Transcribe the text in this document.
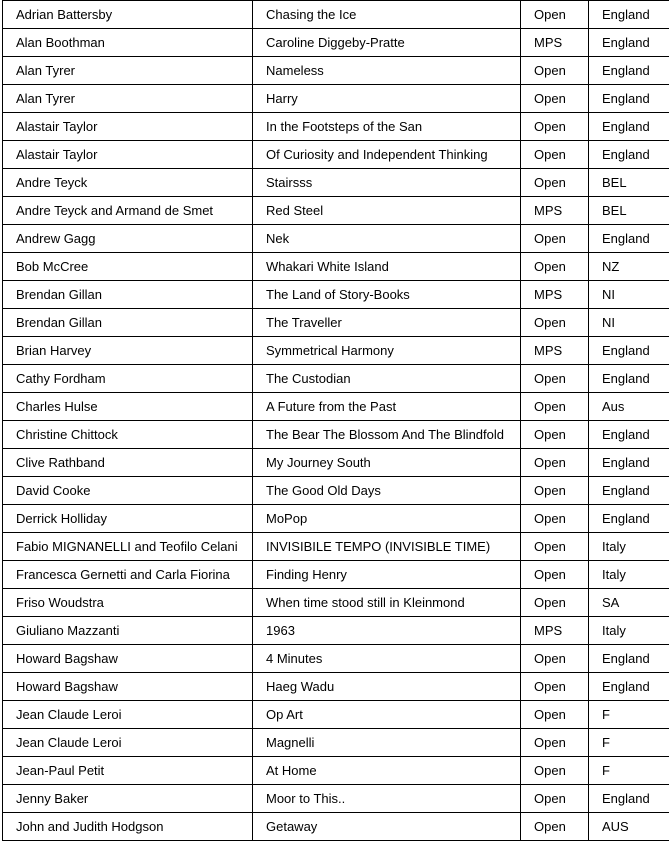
Adrian Battersby	Chasing the Ice	Open	England
Alan Boothman	Caroline Diggeby-Pratte	MPS	England
Alan Tyrer	Nameless	Open	England
Alan Tyrer	Harry	Open	England
Alastair Taylor	In the Footsteps of the San	Open	England
Alastair Taylor	Of Curiosity and Independent Thinking	Open	England
Andre Teyck	Stairsss	Open	BEL
Andre Teyck and Armand de Smet	Red Steel	MPS	BEL
Andrew Gagg	Nek	Open	England
Bob McCree	Whakari White Island	Open	NZ
Brendan Gillan	The Land of Story-Books	MPS	NI
Brendan Gillan	The Traveller	Open	NI
Brian Harvey	Symmetrical Harmony	MPS	England
Cathy Fordham	The Custodian	Open	England
Charles Hulse	A Future from the Past	Open	Aus
Christine Chittock	The Bear The Blossom And The Blindfold	Open	England
Clive Rathband	My Journey South	Open	England
David Cooke	The Good Old Days	Open	England
Derrick Holliday	MoPop	Open	England
Fabio MIGNANELLI and Teofilo Celani	INVISIBILE TEMPO (INVISIBLE TIME)	Open	Italy
Francesca Gernetti and Carla Fiorina	Finding Henry	Open	Italy
Friso Woudstra	When time stood still in Kleinmond	Open	SA
Giuliano Mazzanti	1963	MPS	Italy
Howard Bagshaw	4 Minutes	Open	England
Howard Bagshaw	Haeg Wadu	Open	England
Jean Claude Leroi	Op Art	Open	F
Jean Claude Leroi	Magnelli	Open	F
Jean-Paul Petit	At Home	Open	F
Jenny Baker	Moor to This..	Open	England
John and Judith Hodgson	Getaway	Open	AUS
